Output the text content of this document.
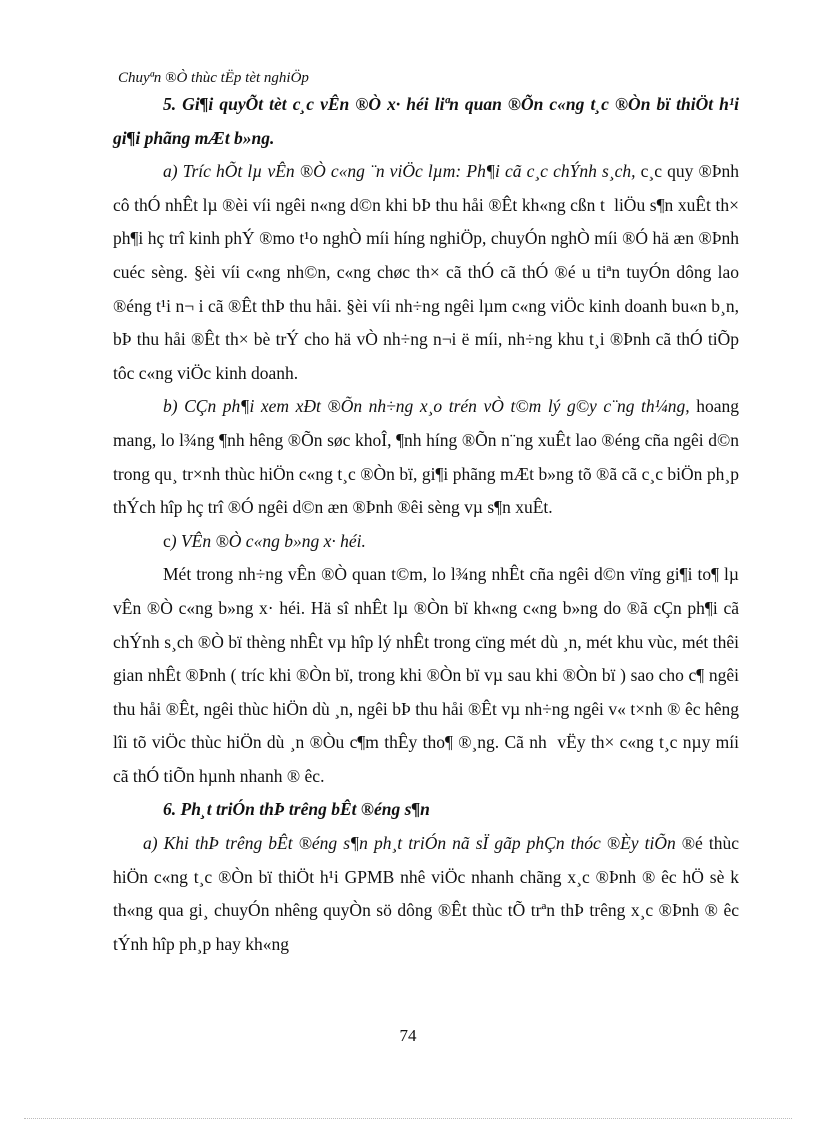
Chuyªn ®Ò thùc tËp tèt nghiÖp

5. Gi¶i quyÕt tèt c¸c vÊn ®Ò x· héi liªn quan ®Õn c«ng t¸c ®Òn bï thiÖt h¹i gi¶i phãng mÆt b»ng.

a) Tríc hÕt lµ vÊn ®Ò c«ng ¨n viÖc lµm: Ph¶i cã c¸c chÝnh s¸ch, c¸c quy ®Þnh cô thÓ nhÊt lµ ®èi víi ngêi n«ng d©n khi bÞ thu håi ®Êt kh«ng cßn t  liÖu s¶n xuÊt th× ph¶i hç trî kinh phÝ ®mo t¹o nghÒ míi híng nghiÖp, chuyÓn nghÒ míi ®Ó hä æn ®Þnh cuéc sèng. §èi víi c«ng nh©n, c«ng chøc th× cã thÓ cã thÓ ®é u tiªn tuyÓn dông lao ®éng t¹i n¬ i cã ®Êt thÞ thu håi. §èi víi nh÷ng ngêi lµm c«ng viÖc kinh doanh bu«n b¸n, bÞ thu håi ®Êt th× bè trÝ cho hä vÒ nh÷ng n¬i ë míi, nh÷ng khu t¸i ®Þnh cã thÓ tiÕp tôc c«ng viÖc kinh doanh.

b) CÇn ph¶i xem xÐt ®Õn nh÷ng x¸o trén vÒ t©m lý g©y c¨ng th¼ng, hoang mang, lo l¾ng ¶nh hêng ®Õn søc khoÎ, ¶nh híng ®Õn n¨ng xuÊt lao ®éng cña ngêi d©n trong qu¸ tr×nh thùc hiÖn c«ng t¸c ®Òn bï, gi¶i phãng mÆt b»ng tõ ®ã cã c¸c biÖn ph¸p thÝch hîp hç trî ®Ó ngêi d©n æn ®Þnh ®êi sèng vµ s¶n xuÊt.

c) VÊn ®Ò c«ng b»ng x· héi.

Mét trong nh÷ng vÊn ®Ò quan t©m, lo l¾ng nhÊt cña ngêi d©n vïng gi¶i to¶ lµ vÊn ®Ò c«ng b»ng x· héi. Hä sî nhÊt lµ ®Òn bï kh«ng c«ng b»ng do ®ã cÇn ph¶i cã chÝnh s¸ch ®Ò bï thèng nhÊt vµ hîp lý nhÊt trong cïng mét dù ¸n, mét khu vùc, mét thêi gian nhÊt ®Þnh ( tríc khi ®Òn bï, trong khi ®Òn bï vµ sau khi ®Òn bï ) sao cho c¶ ngêi thu håi ®Êt, ngêi thùc hiÖn dù ¸n, ngêi bÞ thu håi ®Êt vµ nh÷ng ngêi v« t×nh ® êc hêng lîi tõ viÖc thùc hiÖn dù ¸n ®Òu c¶m thÊy tho¶ ®¸ng. Cã nh  vËy th× c«ng t¸c nµy míi cã thÓ tiÕn hµnh nhanh ® êc.

6. Ph¸t triÓn thÞ trêng bÊt ®éng s¶n

a) Khi thÞ trêng bÊt ®éng s¶n ph¸t triÓn nã sÏ gãp phÇn thóc ®Èy tiÕn ®é thùc hiÖn c«ng t¸c ®Òn bï thiÖt h¹i GPMB nhê viÖc nhanh chãng x¸c ®Þnh ® êc hÖ sè k th«ng qua gi¸ chuyÓn nhêng quyÒn sö dông ®Êt thùc tÕ trªn thÞ trêng x¸c ®Þnh ® êc tÝnh hîp ph¸p hay kh«ng

74
